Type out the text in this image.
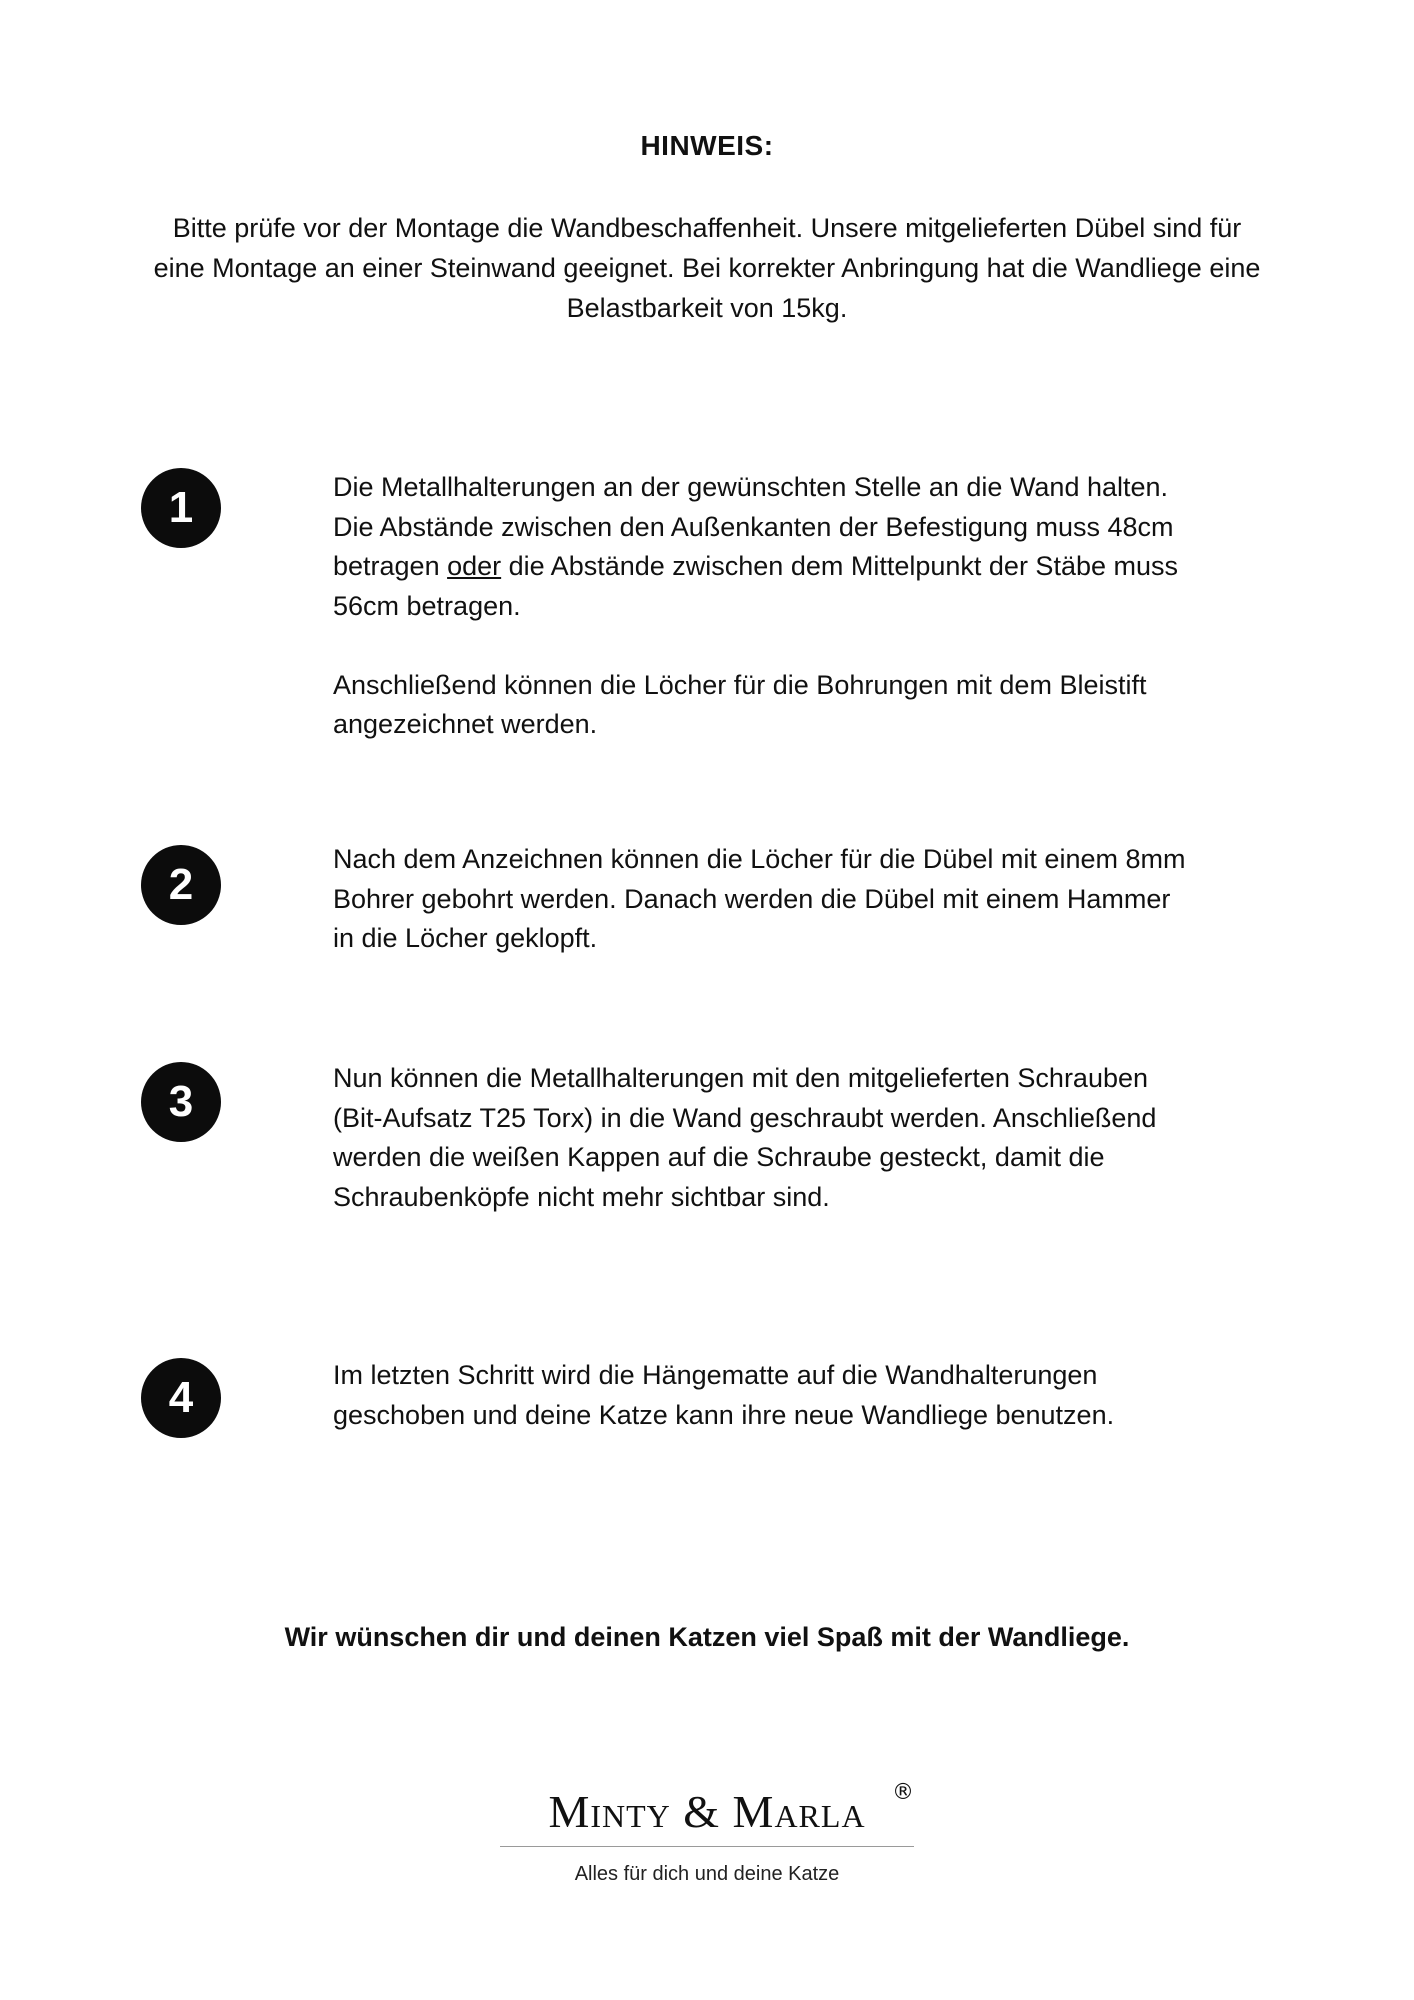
HINWEIS:
Bitte prüfe vor der Montage die Wandbeschaffenheit. Unsere mitgelieferten Dübel sind für eine Montage an einer Steinwand geeignet. Bei korrekter Anbringung hat die Wandliege eine Belastbarkeit von 15kg.
1	Die Metallhalterungen an der gewünschten Stelle an die Wand halten. Die Abstände zwischen den Außenkanten der Befestigung muss 48cm betragen oder die Abstände zwischen dem Mittelpunkt der Stäbe muss 56cm betragen.

Anschließend können die Löcher für die Bohrungen mit dem Bleistift angezeichnet werden.

2

Nach dem Anzeichnen können die Löcher für die Dübel mit einem 8mm Bohrer gebohrt werden. Danach werden die Dübel mit einem Hammer in die Löcher geklopft.

3	Nun können die Metallhalterungen mit den mitgelieferten Schrauben (Bit-Aufsatz T25 Torx) in die Wand geschraubt werden. Anschließend werden die weißen Kappen auf die Schraube gesteckt, damit die Schraubenköpfe nicht mehr sichtbar sind.

4	Im letzten Schritt wird die Hängematte auf die Wandhalterungen geschoben und deine Katze kann ihre neue Wandliege benutzen.

Wir wünschen dir und deinen Katzen viel Spaß mit der Wandliege.
Minty & Marla	®
Alles für dich und deine Katze
